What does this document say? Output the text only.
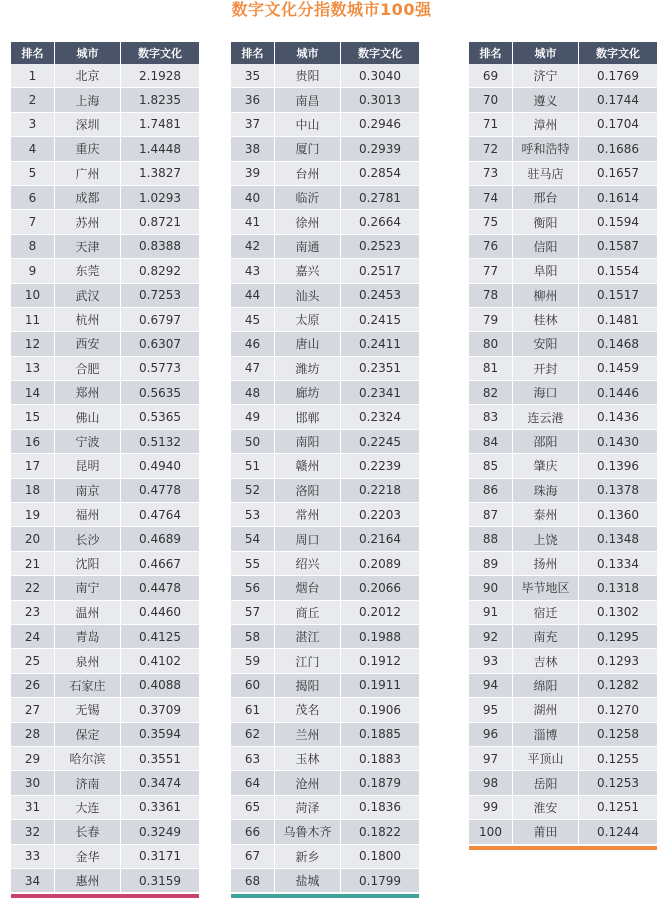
数字文化分指数城市100强
排名	城市	数字文化
1	北京	2.1928
2	上海	1.8235
3	深圳	1.7481
4	重庆	1.4448
5	广州	1.3827
6	成都	1.0293
7	苏州	0.8721
8	天津	0.8388
9	东莞	0.8292
10	武汉	0.7253
11	杭州	0.6797
12	西安	0.6307
13	合肥	0.5773
14	郑州	0.5635
15	佛山	0.5365
16	宁波	0.5132
17	昆明	0.4940
18	南京	0.4778
19	福州	0.4764
20	长沙	0.4689
21	沈阳	0.4667
22	南宁	0.4478
23	温州	0.4460
24	青岛	0.4125
25	泉州	0.4102
26	石家庄	0.4088
27	无锡	0.3709
28	保定	0.3594
29	哈尔滨	0.3551
30	济南	0.3474
31	大连	0.3361
32	长春	0.3249
33	金华	0.3171
34	惠州	0.3159
排名	城市	数字文化
35	贵阳	0.3040
36	南昌	0.3013
37	中山	0.2946
38	厦门	0.2939
39	台州	0.2854
40	临沂	0.2781
41	徐州	0.2664
42	南通	0.2523
43	嘉兴	0.2517
44	汕头	0.2453
45	太原	0.2415
46	唐山	0.2411
47	潍坊	0.2351
48	廊坊	0.2341
49	邯郸	0.2324
50	南阳	0.2245
51	赣州	0.2239
52	洛阳	0.2218
53	常州	0.2203
54	周口	0.2164
55	绍兴	0.2089
56	烟台	0.2066
57	商丘	0.2012
58	湛江	0.1988
59	江门	0.1912
60	揭阳	0.1911
61	茂名	0.1906
62	兰州	0.1885
63	玉林	0.1883
64	沧州	0.1879
65	菏泽	0.1836
66	乌鲁木齐	0.1822
67	新乡	0.1800
68	盐城	0.1799
排名	城市	数字文化
69	济宁	0.1769
70	遵义	0.1744
71	漳州	0.1704
72	呼和浩特	0.1686
73	驻马店	0.1657
74	邢台	0.1614
75	衡阳	0.1594
76	信阳	0.1587
77	阜阳	0.1554
78	柳州	0.1517
79	桂林	0.1481
80	安阳	0.1468
81	开封	0.1459
82	海口	0.1446
83	连云港	0.1436
84	邵阳	0.1430
85	肇庆	0.1396
86	珠海	0.1378
87	泰州	0.1360
88	上饶	0.1348
89	扬州	0.1334
90	毕节地区	0.1318
91	宿迁	0.1302
92	南充	0.1295
93	吉林	0.1293
94	绵阳	0.1282
95	湖州	0.1270
96	淄博	0.1258
97	平顶山	0.1255
98	岳阳	0.1253
99	淮安	0.1251
100	莆田	0.1244
